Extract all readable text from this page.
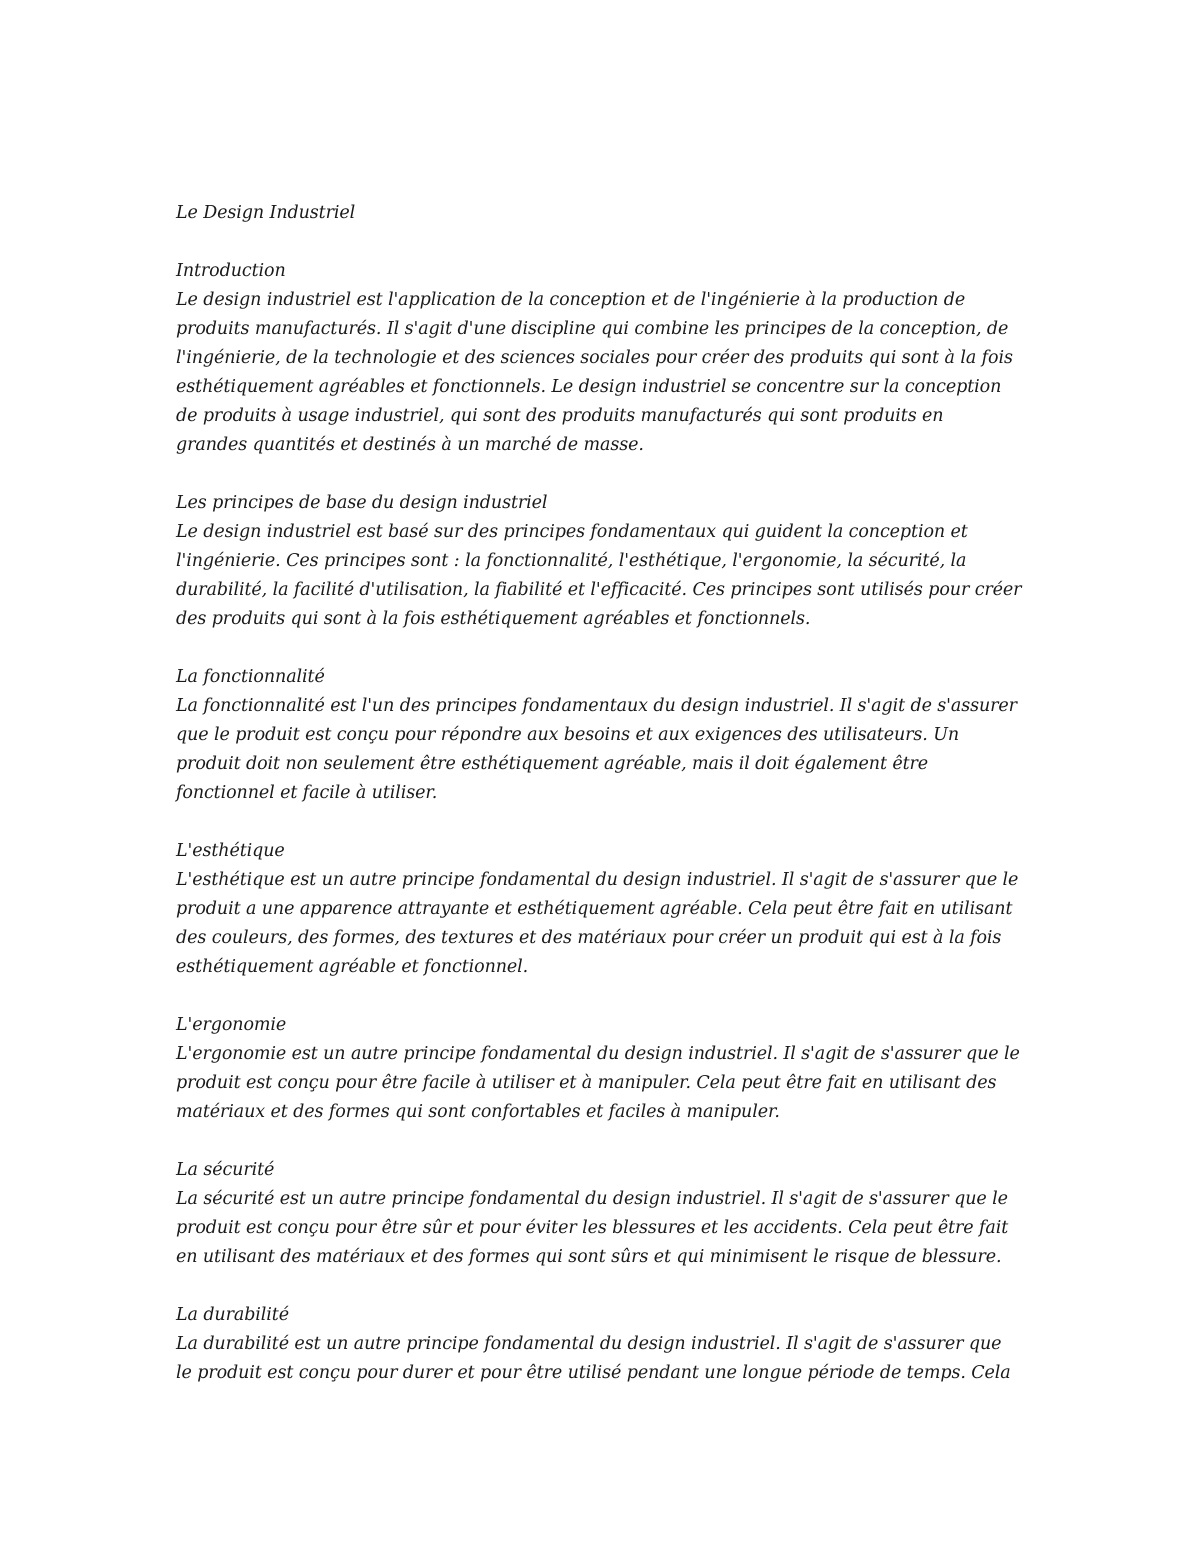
Le Design Industriel
Introduction
Le design industriel est l'application de la conception et de l'ingénierie à la production de
produits manufacturés. Il s'agit d'une discipline qui combine les principes de la conception, de
l'ingénierie, de la technologie et des sciences sociales pour créer des produits qui sont à la fois
esthétiquement agréables et fonctionnels. Le design industriel se concentre sur la conception
de produits à usage industriel, qui sont des produits manufacturés qui sont produits en
grandes quantités et destinés à un marché de masse.
Les principes de base du design industriel
Le design industriel est basé sur des principes fondamentaux qui guident la conception et
l'ingénierie. Ces principes sont : la fonctionnalité, l'esthétique, l'ergonomie, la sécurité, la
durabilité, la facilité d'utilisation, la fiabilité et l'efficacité. Ces principes sont utilisés pour créer
des produits qui sont à la fois esthétiquement agréables et fonctionnels.
La fonctionnalité
La fonctionnalité est l'un des principes fondamentaux du design industriel. Il s'agit de s'assurer
que le produit est conçu pour répondre aux besoins et aux exigences des utilisateurs. Un
produit doit non seulement être esthétiquement agréable, mais il doit également être
fonctionnel et facile à utiliser.
L'esthétique
L'esthétique est un autre principe fondamental du design industriel. Il s'agit de s'assurer que le
produit a une apparence attrayante et esthétiquement agréable. Cela peut être fait en utilisant
des couleurs, des formes, des textures et des matériaux pour créer un produit qui est à la fois
esthétiquement agréable et fonctionnel.
L'ergonomie
L'ergonomie est un autre principe fondamental du design industriel. Il s'agit de s'assurer que le
produit est conçu pour être facile à utiliser et à manipuler. Cela peut être fait en utilisant des
matériaux et des formes qui sont confortables et faciles à manipuler.
La sécurité
La sécurité est un autre principe fondamental du design industriel. Il s'agit de s'assurer que le
produit est conçu pour être sûr et pour éviter les blessures et les accidents. Cela peut être fait
en utilisant des matériaux et des formes qui sont sûrs et qui minimisent le risque de blessure.
La durabilité
La durabilité est un autre principe fondamental du design industriel. Il s'agit de s'assurer que
le produit est conçu pour durer et pour être utilisé pendant une longue période de temps. Cela
